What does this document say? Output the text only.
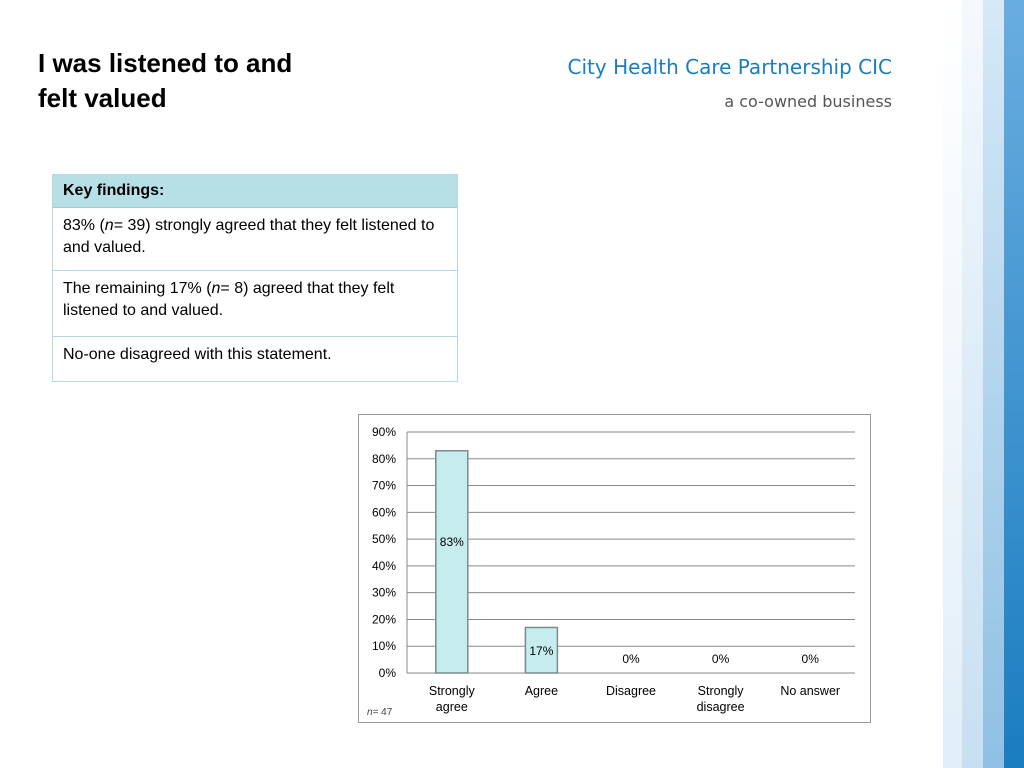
I was listened to and felt valued
City Health Care Partnership CIC
a co-owned business
Key findings:
83% (n= 39) strongly agreed that they felt listened to and valued.
The remaining 17% (n= 8) agreed that they felt listened to and valued.
No-one disagreed with this statement.
0%
10%
20%
30%
40%
50%
60%
70%
80%
90%
83%
Strongly
agree
17%
Agree
0%
Disagree
0%
Strongly
disagree
0%
No answer
n= 47
